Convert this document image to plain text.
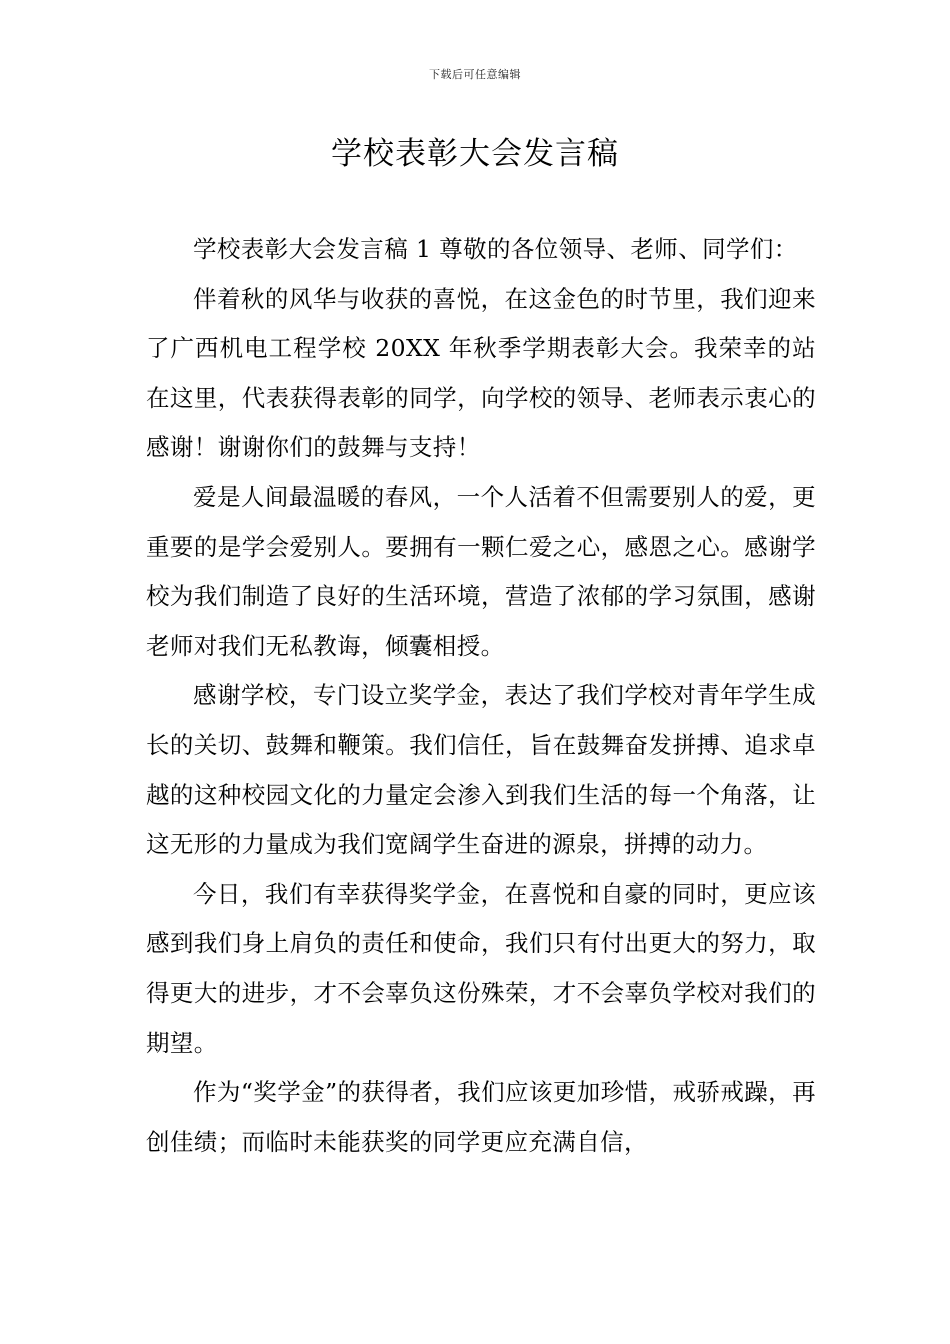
下载后可任意编辑
学校表彰大会发言稿

学校表彰大会发言稿 1 尊敬的各位领导、老师、同学们：

伴着秋的风华与收获的喜悦，在这金色的时节里，我们迎来了广西机电工程学校 20XX 年秋季学期表彰大会。我荣幸的站在这里，代表获得表彰的同学，向学校的领导、老师表示衷心的感谢！谢谢你们的鼓舞与支持！

爱是人间最温暖的春风，一个人活着不但需要别人的爱，更重要的是学会爱别人。要拥有一颗仁爱之心，感恩之心。感谢学校为我们制造了良好的生活环境，营造了浓郁的学习氛围，感谢老师对我们无私教诲，倾囊相授。

感谢学校，专门设立奖学金，表达了我们学校对青年学生成长的关切、鼓舞和鞭策。我们信任，旨在鼓舞奋发拼搏、追求卓越的这种校园文化的力量定会渗入到我们生活的每一个角落，让这无形的力量成为我们宽阔学生奋进的源泉，拼搏的动力。

今日，我们有幸获得奖学金，在喜悦和自豪的同时，更应该感到我们身上肩负的责任和使命，我们只有付出更大的努力，取得更大的进步，才不会辜负这份殊荣，才不会辜负学校对我们的期望。

作为“奖学金”的获得者，我们应该更加珍惜，戒骄戒躁，再创佳绩；而临时未能获奖的同学更应充满自信，
